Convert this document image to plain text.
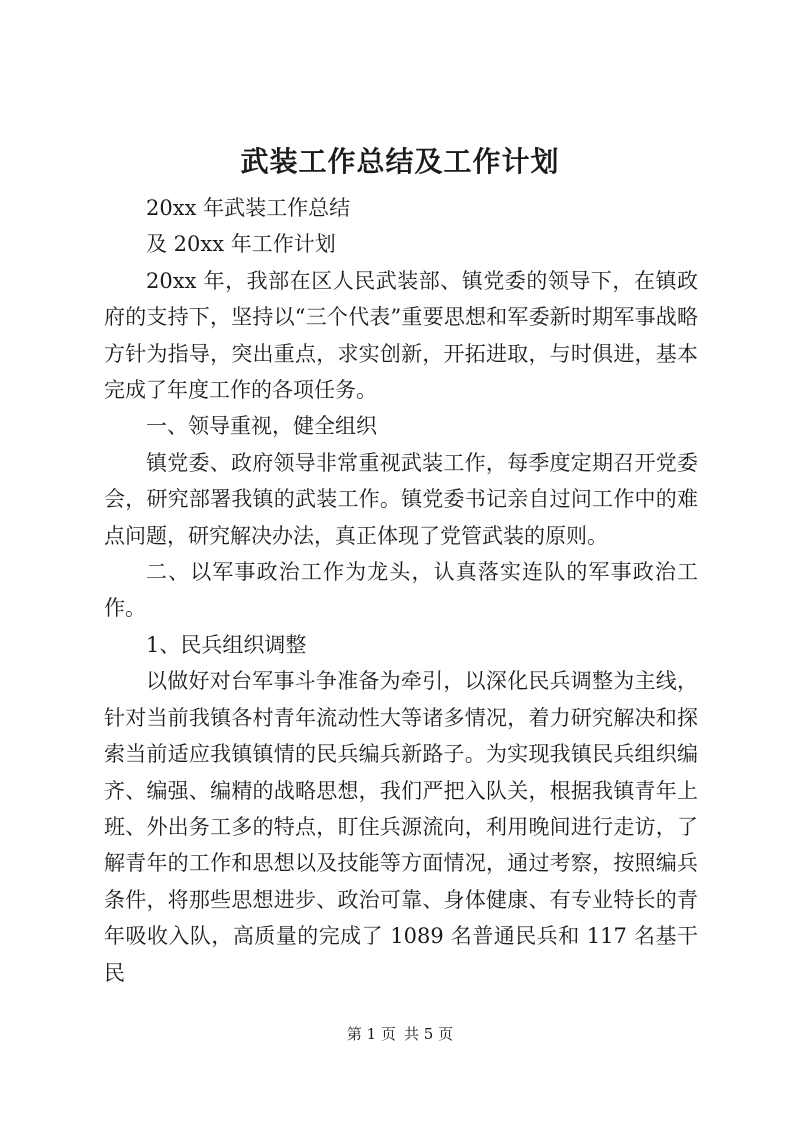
武装工作总结及工作计划

20xx 年武装工作总结

及 20xx 年工作计划

20xx 年，我部在区人民武装部、镇党委的领导下，在镇政府的支持下，坚持以“三个代表”重要思想和军委新时期军事战略方针为指导，突出重点，求实创新，开拓进取，与时俱进，基本完成了年度工作的各项任务。

一、领导重视，健全组织

镇党委、政府领导非常重视武装工作，每季度定期召开党委会，研究部署我镇的武装工作。镇党委书记亲自过问工作中的难点问题，研究解决办法，真正体现了党管武装的原则。

二、以军事政治工作为龙头，认真落实连队的军事政治工作。

1、民兵组织调整

以做好对台军事斗争准备为牵引，以深化民兵调整为主线，针对当前我镇各村青年流动性大等诸多情况，着力研究解决和探索当前适应我镇镇情的民兵编兵新路子。为实现我镇民兵组织编齐、编强、编精的战略思想，我们严把入队关，根据我镇青年上班、外出务工多的特点，盯住兵源流向，利用晚间进行走访，了解青年的工作和思想以及技能等方面情况，通过考察，按照编兵条件，将那些思想进步、政治可靠、身体健康、有专业特长的青年吸收入队，高质量的完成了 1089 名普通民兵和 117 名基干民

第 1 页 共 5 页
